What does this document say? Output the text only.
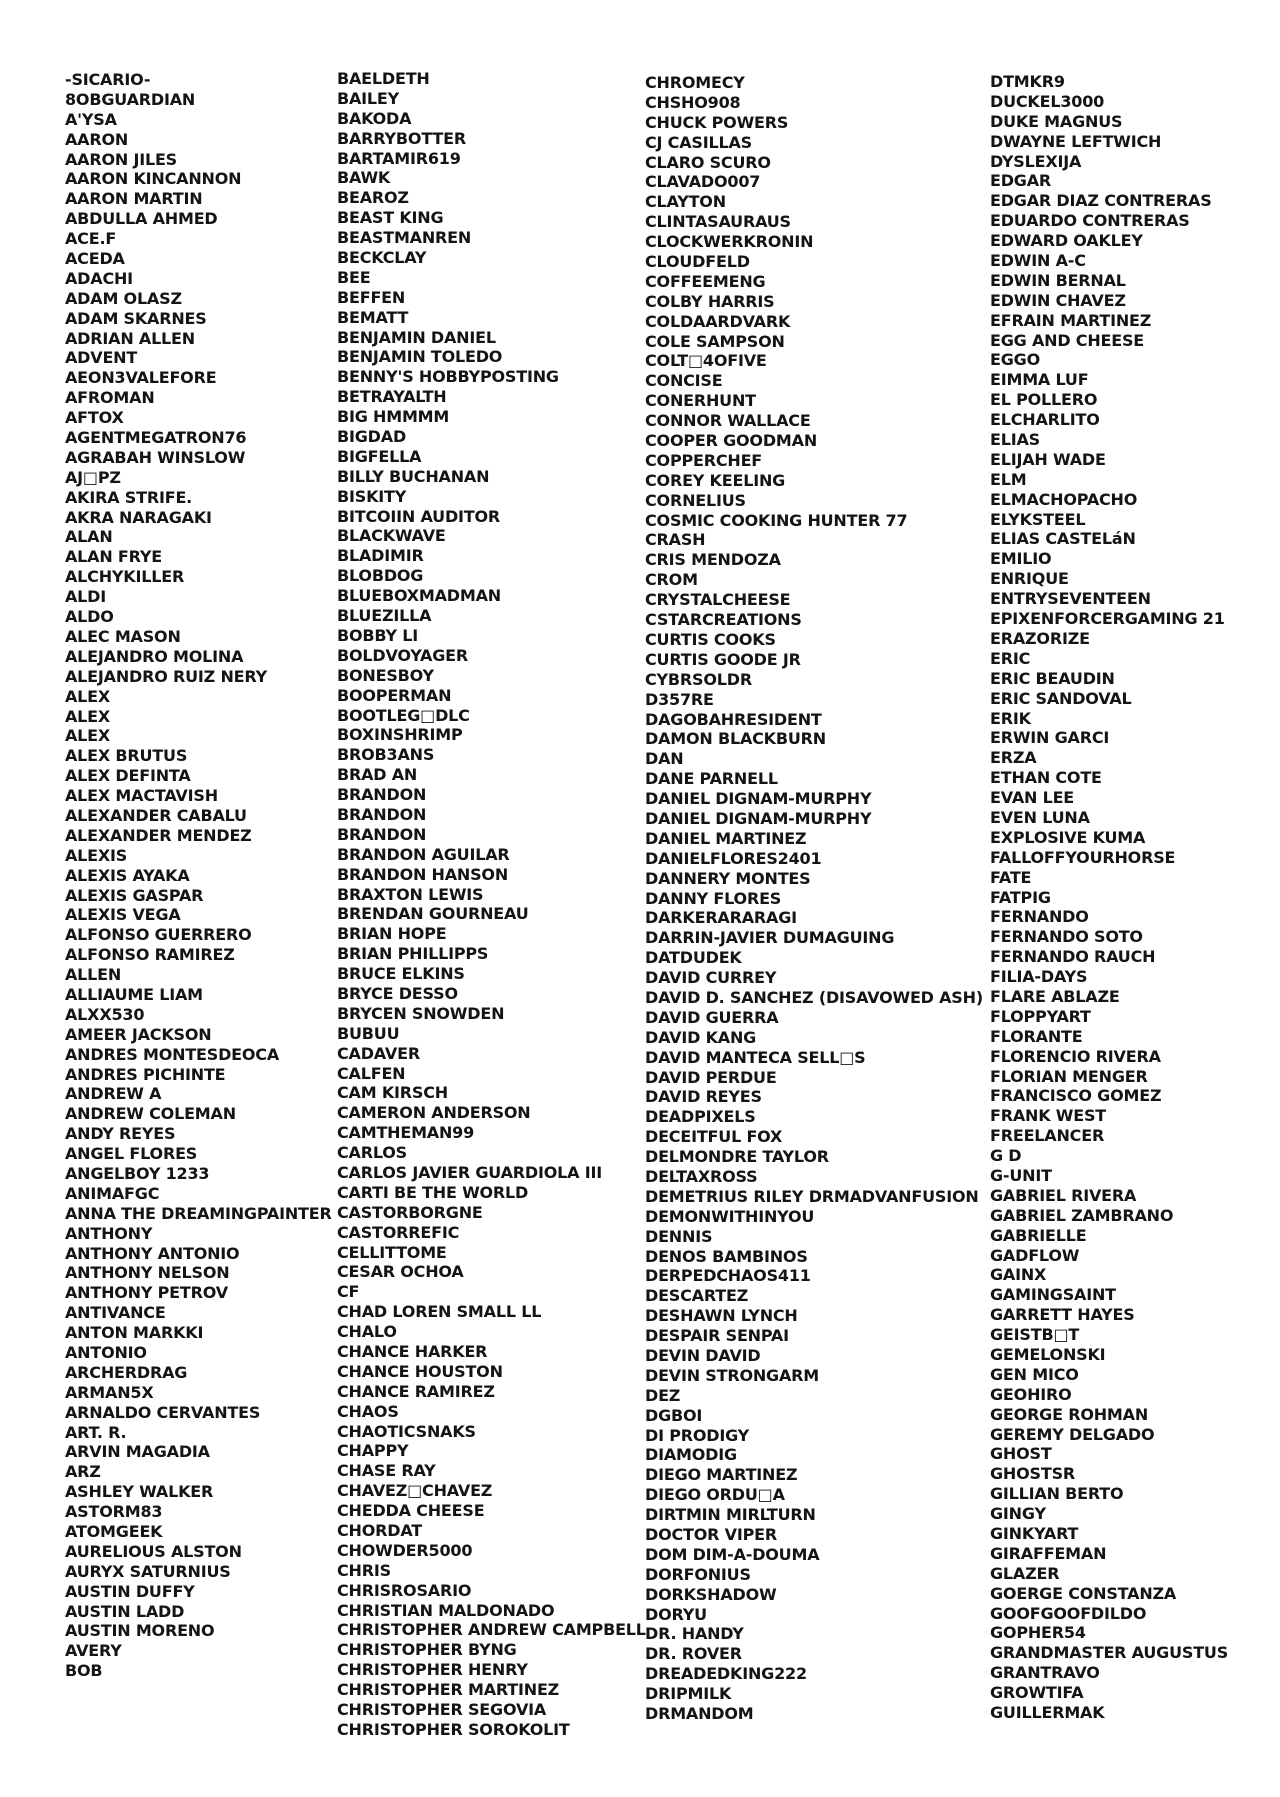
-SICARIO-
8OBGUARDIAN
A'YSA
AARON
AARON JILES
AARON KINCANNON
AARON MARTIN
ABDULLA AHMED
ACE.F
ACEDA
ADACHI
ADAM OLASZ
ADAM SKARNES
ADRIAN ALLEN
ADVENT
AEON3VALEFORE
AFROMAN
AFTOX
AGENTMEGATRON76
AGRABAH WINSLOW
AJ□PZ
AKIRA STRIFE.
AKRA NARAGAKI
ALAN
ALAN FRYE
ALCHYKILLER
ALDI
ALDO
ALEC MASON
ALEJANDRO MOLINA
ALEJANDRO RUIZ NERY
ALEX
ALEX
ALEX
ALEX BRUTUS
ALEX DEFINTA
ALEX MACTAVISH
ALEXANDER CABALU
ALEXANDER MENDEZ
ALEXIS
ALEXIS AYAKA
ALEXIS GASPAR
ALEXIS VEGA
ALFONSO GUERRERO
ALFONSO RAMIREZ
ALLEN
ALLIAUME LIAM
ALXX530
AMEER JACKSON
ANDRES MONTESDEOCA
ANDRES PICHINTE
ANDREW A
ANDREW COLEMAN
ANDY REYES
ANGEL FLORES
ANGELBOY 1233
ANIMAFGC
ANNA THE DREAMINGPAINTER
ANTHONY
ANTHONY ANTONIO
ANTHONY NELSON
ANTHONY PETROV
ANTIVANCE
ANTON MARKKI
ANTONIO
ARCHERDRAG
ARMAN5X
ARNALDO CERVANTES
ART. R.
ARVIN MAGADIA
ARZ
ASHLEY WALKER
ASTORM83
ATOMGEEK
AURELIOUS ALSTON
AURYX SATURNIUS
AUSTIN DUFFY
AUSTIN LADD
AUSTIN MORENO
AVERY
BOB
BAELDETH
BAILEY
BAKODA
BARRYBOTTER
BARTAMIR619
BAWK
BEAROZ
BEAST KING
BEASTMANREN
BECKCLAY
BEE
BEFFEN
BEMATT
BENJAMIN DANIEL
BENJAMIN TOLEDO
BENNY'S HOBBYPOSTING
BETRAYALTH
BIG HMMMM
BIGDAD
BIGFELLA
BILLY BUCHANAN
BISKITY
BITCOIIN AUDITOR
BLACKWAVE
BLADIMIR
BLOBDOG
BLUEBOXMADMAN
BLUEZILLA
BOBBY LI
BOLDVOYAGER
BONESBOY
BOOPERMAN
BOOTLEG□DLC
BOXINSHRIMP
BROB3ANS
BRAD AN
BRANDON
BRANDON
BRANDON
BRANDON AGUILAR
BRANDON HANSON
BRAXTON LEWIS
BRENDAN GOURNEAU
BRIAN HOPE
BRIAN PHILLIPPS
BRUCE ELKINS
BRYCE DESSO
BRYCEN SNOWDEN
BUBUU
CADAVER
CALFEN
CAM KIRSCH
CAMERON ANDERSON
CAMTHEMAN99
CARLOS
CARLOS JAVIER GUARDIOLA III
CARTI BE THE WORLD
CASTORBORGNE
CASTORREFIC
CELLITTOME
CESAR OCHOA
CF
CHAD LOREN SMALL LL
CHALO
CHANCE HARKER
CHANCE HOUSTON
CHANCE RAMIREZ
CHAOS
CHAOTICSNAKS
CHAPPY
CHASE RAY
CHAVEZ□CHAVEZ
CHEDDA CHEESE
CHORDAT
CHOWDER5000
CHRIS
CHRISROSARIO
CHRISTIAN MALDONADO
CHRISTOPHER ANDREW CAMPBELL
CHRISTOPHER BYNG
CHRISTOPHER HENRY
CHRISTOPHER MARTINEZ
CHRISTOPHER SEGOVIA
CHRISTOPHER SOROKOLIT
CHROMECY
CHSHO908
CHUCK POWERS
CJ CASILLAS
CLARO SCURO
CLAVADO007
CLAYTON
CLINTASAURAUS
CLOCKWERKRONIN
CLOUDFELD
COFFEEMENG
COLBY HARRIS
COLDAARDVARK
COLE SAMPSON
COLT□4OFIVE
CONCISE
CONERHUNT
CONNOR WALLACE
COOPER GOODMAN
COPPERCHEF
COREY KEELING
CORNELIUS
COSMIC COOKING HUNTER 77
CRASH
CRIS MENDOZA
CROM
CRYSTALCHEESE
CSTARCREATIONS
CURTIS COOKS
CURTIS GOODE JR
CYBRSOLDR
D357RE
DAGOBAHRESIDENT
DAMON BLACKBURN
DAN
DANE PARNELL
DANIEL DIGNAM-MURPHY
DANIEL DIGNAM-MURPHY
DANIEL MARTINEZ
DANIELFLORES2401
DANNERY MONTES
DANNY FLORES
DARKERARARAGI
DARRIN-JAVIER DUMAGUING
DATDUDEK
DAVID CURREY
DAVID D. SANCHEZ (DISAVOWED ASH)
DAVID GUERRA
DAVID KANG
DAVID MANTECA SELL□S
DAVID PERDUE
DAVID REYES
DEADPIXELS
DECEITFUL FOX
DELMONDRE TAYLOR
DELTAXROSS
DEMETRIUS RILEY DRMADVANFUSION
DEMONWITHINYOU
DENNIS
DENOS BAMBINOS
DERPEDCHAOS411
DESCARTEZ
DESHAWN LYNCH
DESPAIR SENPAI
DEVIN DAVID
DEVIN STRONGARM
DEZ
DGBOI
DI PRODIGY
DIAMODIG
DIEGO MARTINEZ
DIEGO ORDU□A
DIRTMIN MIRLTURN
DOCTOR VIPER
DOM DIM-A-DOUMA
DORFONIUS
DORKSHADOW
DORYU
DR. HANDY
DR. ROVER
DREADEDKING222
DRIPMILK
DRMANDOM
DTMKR9
DUCKEL3000
DUKE MAGNUS
DWAYNE LEFTWICH
DYSLEXIJA
EDGAR
EDGAR DIAZ CONTRERAS
EDUARDO CONTRERAS
EDWARD OAKLEY
EDWIN A-C
EDWIN BERNAL
EDWIN CHAVEZ
EFRAIN MARTINEZ
EGG AND CHEESE
EGGO
EIMMA LUF
EL POLLERO
ELCHARLITO
ELIAS
ELIJAH WADE
ELM
ELMACHOPACHO
ELYKSTEEL
ELIAS CASTELáN
EMILIO
ENRIQUE
ENTRYSEVENTEEN
EPIXENFORCERGAMING 21
ERAZORIZE
ERIC
ERIC BEAUDIN
ERIC SANDOVAL
ERIK
ERWIN GARCI
ERZA
ETHAN COTE
EVAN LEE
EVEN LUNA
EXPLOSIVE KUMA
FALLOFFYOURHORSE
FATE
FATPIG
FERNANDO
FERNANDO SOTO
FERNANDO RAUCH
FILIA-DAYS
FLARE ABLAZE
FLOPPYART
FLORANTE
FLORENCIO RIVERA
FLORIAN MENGER
FRANCISCO GOMEZ
FRANK WEST
FREELANCER
G D
G-UNIT
GABRIEL RIVERA
GABRIEL ZAMBRANO
GABRIELLE
GADFLOW
GAINX
GAMINGSAINT
GARRETT HAYES
GEISTB□T
GEMELONSKI
GEN MICO
GEOHIRO
GEORGE ROHMAN
GEREMY DELGADO
GHOST
GHOSTSR
GILLIAN BERTO
GINGY
GINKYART
GIRAFFEMAN
GLAZER
GOERGE CONSTANZA
GOOFGOOFDILDO
GOPHER54
GRANDMASTER AUGUSTUS
GRANTRAVO
GROWTIFA
GUILLERMAK
